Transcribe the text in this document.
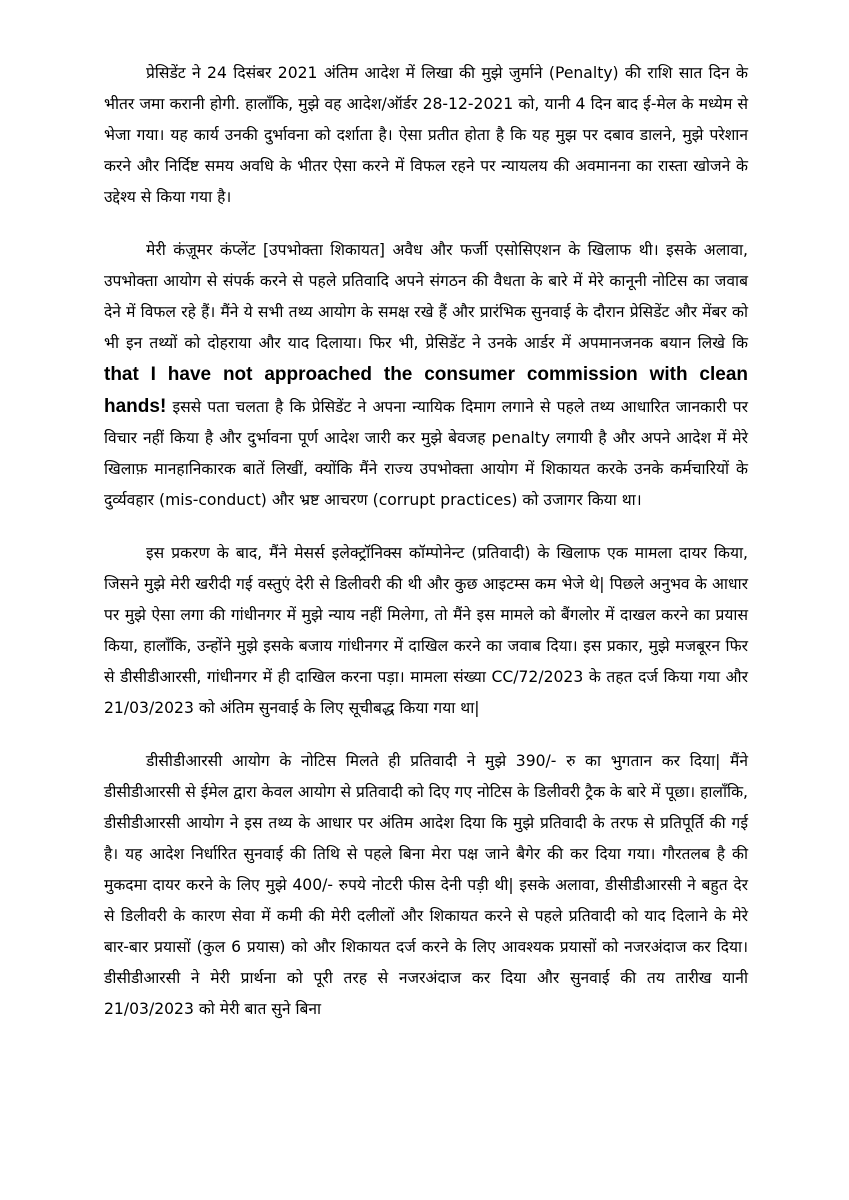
प्रेसिडेंट ने 24 दिसंबर 2021 अंतिम आदेश में लिखा की मुझे जुर्माने (Penalty) की राशि सात दिन के भीतर जमा करानी होगी. हालाँकि, मुझे वह आदेश/ऑर्डर 28-12-2021 को, यानी 4 दिन बाद ई-मेल के मध्येम से भेजा गया। यह कार्य उनकी दुर्भावना को दर्शाता है। ऐसा प्रतीत होता है कि यह मुझ पर दबाव डालने, मुझे परेशान करने और निर्दिष्ट समय अवधि के भीतर ऐसा करने में विफल रहने पर न्यायलय की अवमानना का रास्ता खोजने के उद्देश्य से किया गया है।

मेरी कंज़ूमर कंप्लेंट [उपभोक्ता शिकायत] अवैध और फर्जी एसोसिएशन के खिलाफ थी। इसके अलावा, उपभोक्ता आयोग से संपर्क करने से पहले प्रतिवादि अपने संगठन की वैधता के बारे में मेरे कानूनी नोटिस का जवाब देने में विफल रहे हैं। मैंने ये सभी तथ्य आयोग के समक्ष रखे हैं और प्रारंभिक सुनवाई के दौरान प्रेसिडेंट और मेंबर को भी इन तथ्यों को दोहराया और याद दिलाया। फिर भी, प्रेसिडेंट ने उनके आर्डर में अपमानजनक बयान लिखे कि that I have not approached the consumer commission with clean hands! इससे पता चलता है कि प्रेसिडेंट ने अपना न्यायिक दिमाग लगाने से पहले तथ्य आधारित जानकारी पर विचार नहीं किया है और दुर्भावना पूर्ण आदेश जारी कर मुझे बेवजह penalty लगायी है और अपने आदेश में मेरे खिलाफ़ मानहानिकारक बातें लिखीं, क्योंकि मैंने राज्य उपभोक्ता आयोग में शिकायत करके उनके कर्मचारियों के दुर्व्यवहार (mis-conduct) और भ्रष्ट आचरण (corrupt practices) को उजागर किया था।

इस प्रकरण के बाद, मैंने मेसर्स इलेक्ट्रॉनिक्स कॉम्पोनेन्ट (प्रतिवादी) के खिलाफ एक मामला दायर किया, जिसने मुझे मेरी खरीदी गई वस्तुएं देरी से डिलीवरी की थी और कुछ आइटम्स कम भेजे थे| पिछले अनुभव के आधार पर मुझे ऐसा लगा की गांधीनगर में मुझे न्याय नहीं मिलेगा, तो मैंने इस मामले को बैंगलोर में दाखल करने का प्रयास किया, हालाँकि, उन्होंने मुझे इसके बजाय गांधीनगर में दाखिल करने का जवाब दिया। इस प्रकार, मुझे मजबूरन फिर से डीसीडीआरसी, गांधीनगर में ही दाखिल करना पड़ा। मामला संख्या CC/72/2023 के तहत दर्ज किया गया और 21/03/2023 को अंतिम सुनवाई के लिए सूचीबद्ध किया गया था|

डीसीडीआरसी आयोग के नोटिस मिलते ही प्रतिवादी ने मुझे 390/- रु का भुगतान कर दिया| मैंने डीसीडीआरसी से ईमेल द्वारा केवल आयोग से प्रतिवादी को दिए गए नोटिस के डिलीवरी ट्रैक के बारे में पूछा। हालाँकि, डीसीडीआरसी आयोग ने इस तथ्य के आधार पर अंतिम आदेश दिया कि मुझे प्रतिवादी के तरफ से प्रतिपूर्ति की गई है। यह आदेश निर्धारित सुनवाई की तिथि से पहले बिना मेरा पक्ष जाने बैगेर की कर दिया गया। गौरतलब है की मुकदमा दायर करने के लिए मुझे 400/- रुपये नोटरी फीस देनी पड़ी थी| इसके अलावा, डीसीडीआरसी ने बहुत देर से डिलीवरी के कारण सेवा में कमी की मेरी दलीलों और शिकायत करने से पहले प्रतिवादी को याद दिलाने के मेरे बार-बार प्रयासों (कुल 6 प्रयास) को और शिकायत दर्ज करने के लिए आवश्यक प्रयासों को नजरअंदाज कर दिया। डीसीडीआरसी ने मेरी प्रार्थना को पूरी तरह से नजरअंदाज कर दिया और सुनवाई की तय तारीख यानी 21/03/2023 को मेरी बात सुने बिना
